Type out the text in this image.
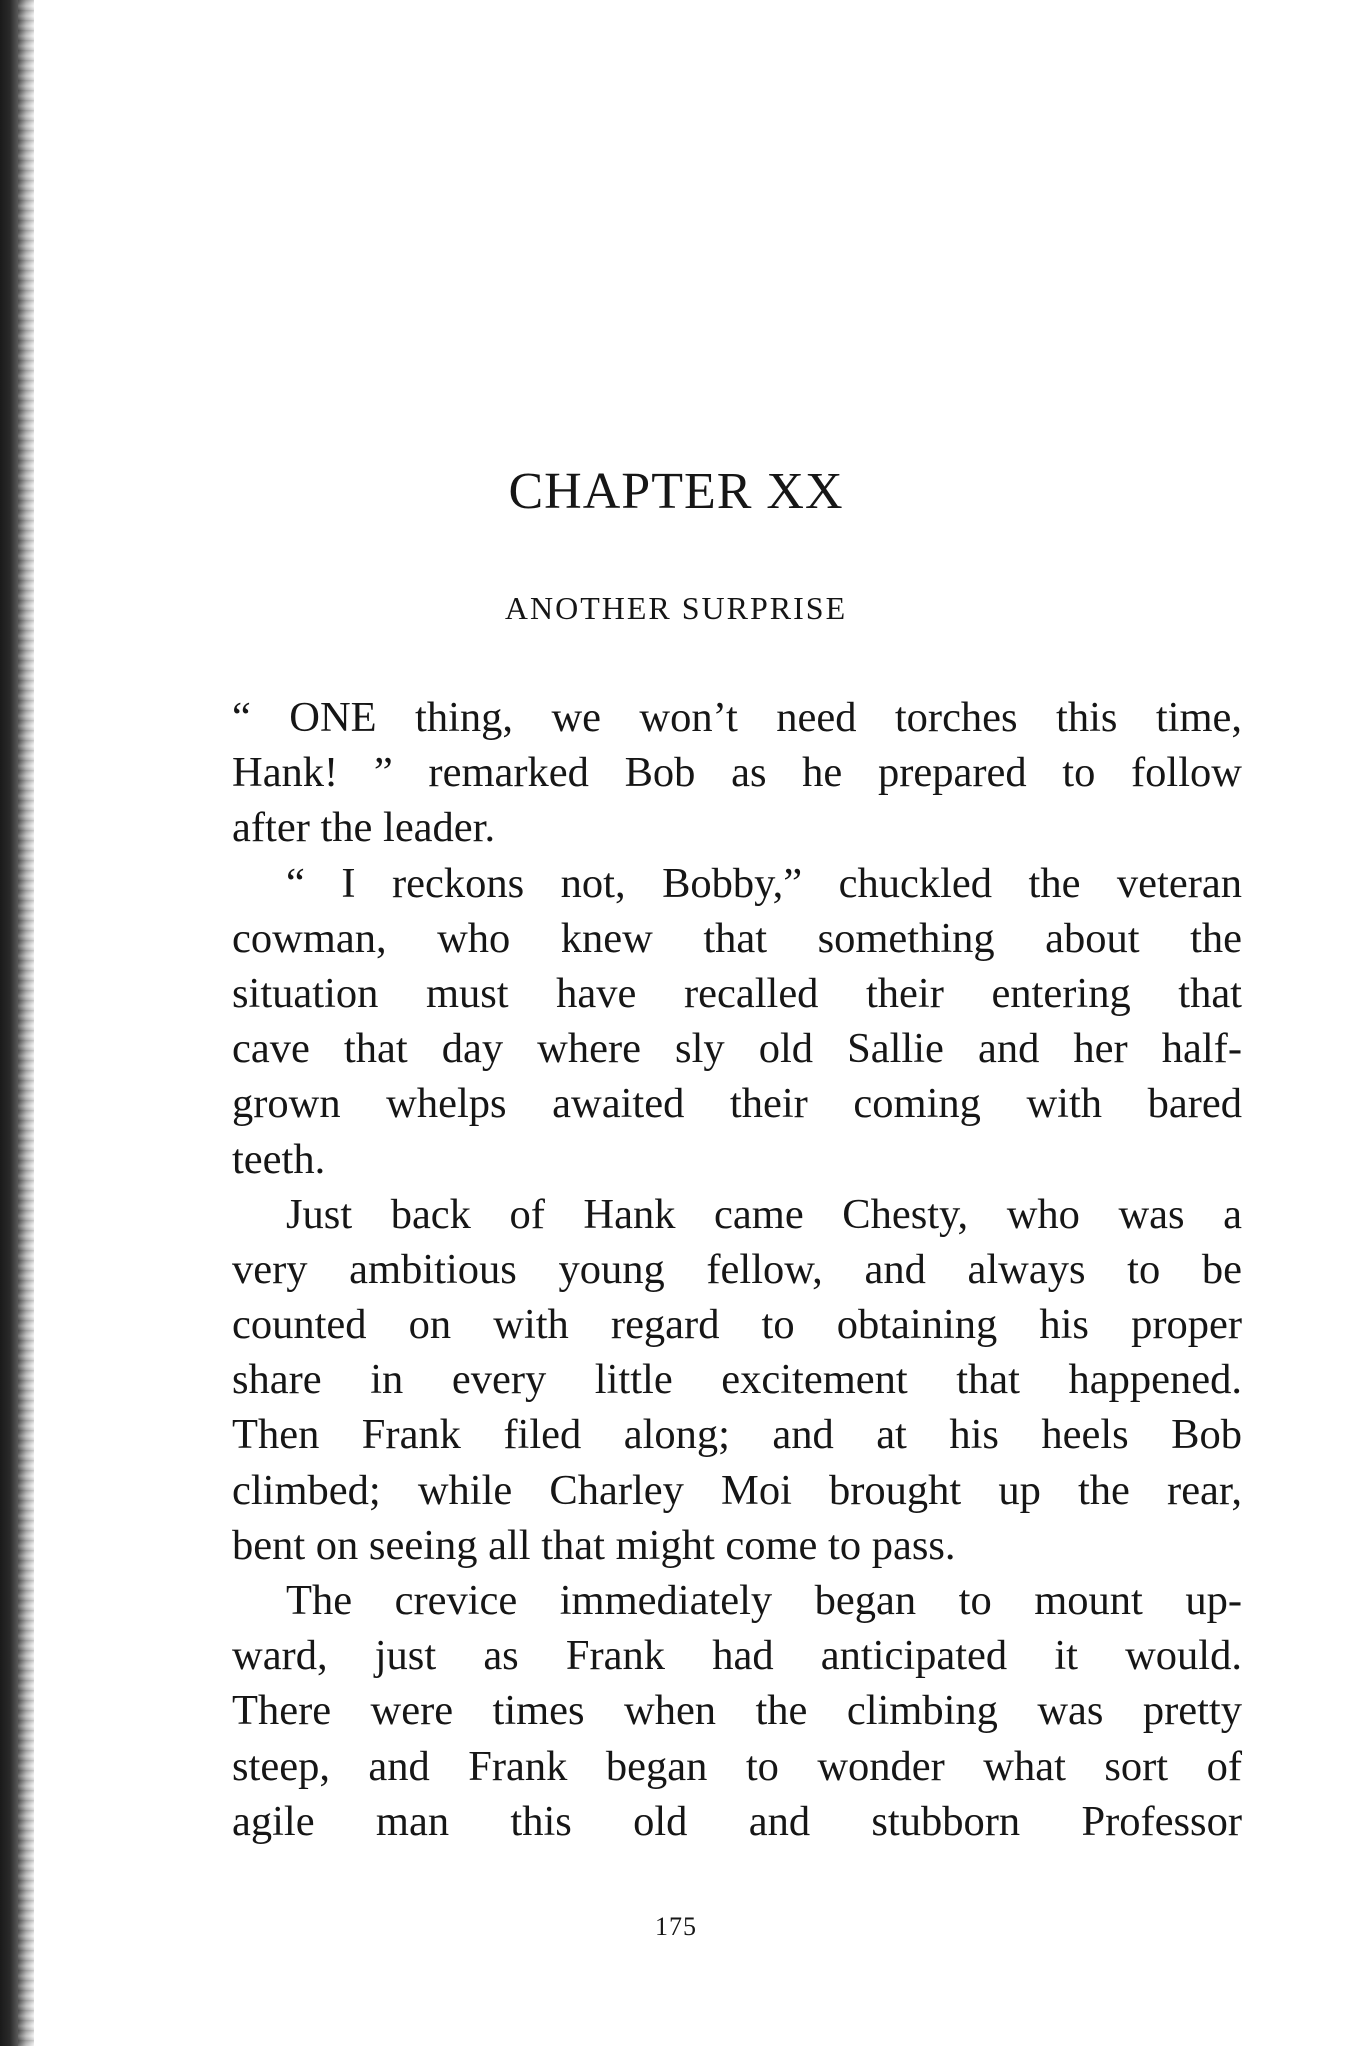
CHAPTER XX
ANOTHER SURPRISE
“ ONE thing, we won’t need torches this time,
Hank! ” remarked Bob as he prepared to follow
after the leader.
“ I reckons not, Bobby,” chuckled the veteran
cowman, who knew that something about the
situation must have recalled their entering that
cave that day where sly old Sallie and her half-
grown whelps awaited their coming with bared
teeth.
Just back of Hank came Chesty, who was a
very ambitious young fellow, and always to be
counted on with regard to obtaining his proper
share in every little excitement that happened.
Then Frank filed along; and at his heels Bob
climbed; while Charley Moi brought up the rear,
bent on seeing all that might come to pass.
The crevice immediately began to mount up-
ward, just as Frank had anticipated it would.
There were times when the climbing was pretty
steep, and Frank began to wonder what sort of
agile man this old and stubborn Professor
175
